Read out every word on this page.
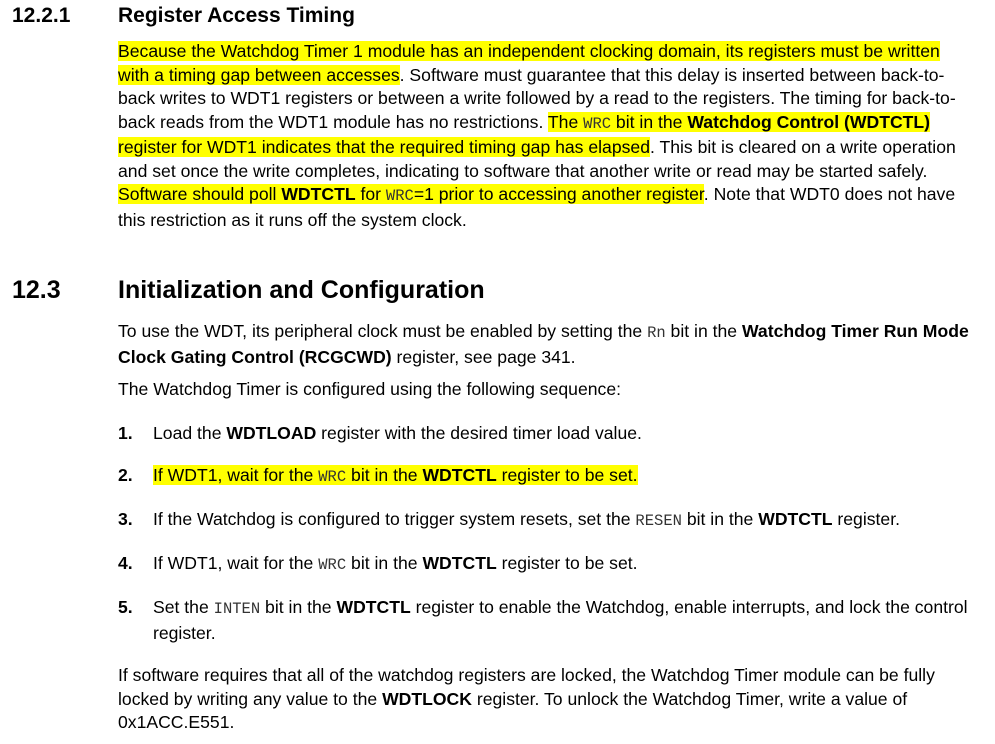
12.2.1 Register Access Timing
Because the Watchdog Timer 1 module has an independent clocking domain, its registers must be written with a timing gap between accesses. Software must guarantee that this delay is inserted between back-to-back writes to WDT1 registers or between a write followed by a read to the registers. The timing for back-to-back reads from the WDT1 module has no restrictions. The WRC bit in the Watchdog Control (WDTCTL) register for WDT1 indicates that the required timing gap has elapsed. This bit is cleared on a write operation and set once the write completes, indicating to software that another write or read may be started safely. Software should poll WDTCTL for WRC=1 prior to accessing another register. Note that WDT0 does not have this restriction as it runs off the system clock.
12.3 Initialization and Configuration
To use the WDT, its peripheral clock must be enabled by setting the Rn bit in the Watchdog Timer Run Mode Clock Gating Control (RCGCWD) register, see page 341.
The Watchdog Timer is configured using the following sequence:
1. Load the WDTLOAD register with the desired timer load value.
2. If WDT1, wait for the WRC bit in the WDTCTL register to be set.
3. If the Watchdog is configured to trigger system resets, set the RESEN bit in the WDTCTL register.
4. If WDT1, wait for the WRC bit in the WDTCTL register to be set.
5. Set the INTEN bit in the WDTCTL register to enable the Watchdog, enable interrupts, and lock the control register.
If software requires that all of the watchdog registers are locked, the Watchdog Timer module can be fully locked by writing any value to the WDTLOCK register. To unlock the Watchdog Timer, write a value of 0x1ACC.E551.
